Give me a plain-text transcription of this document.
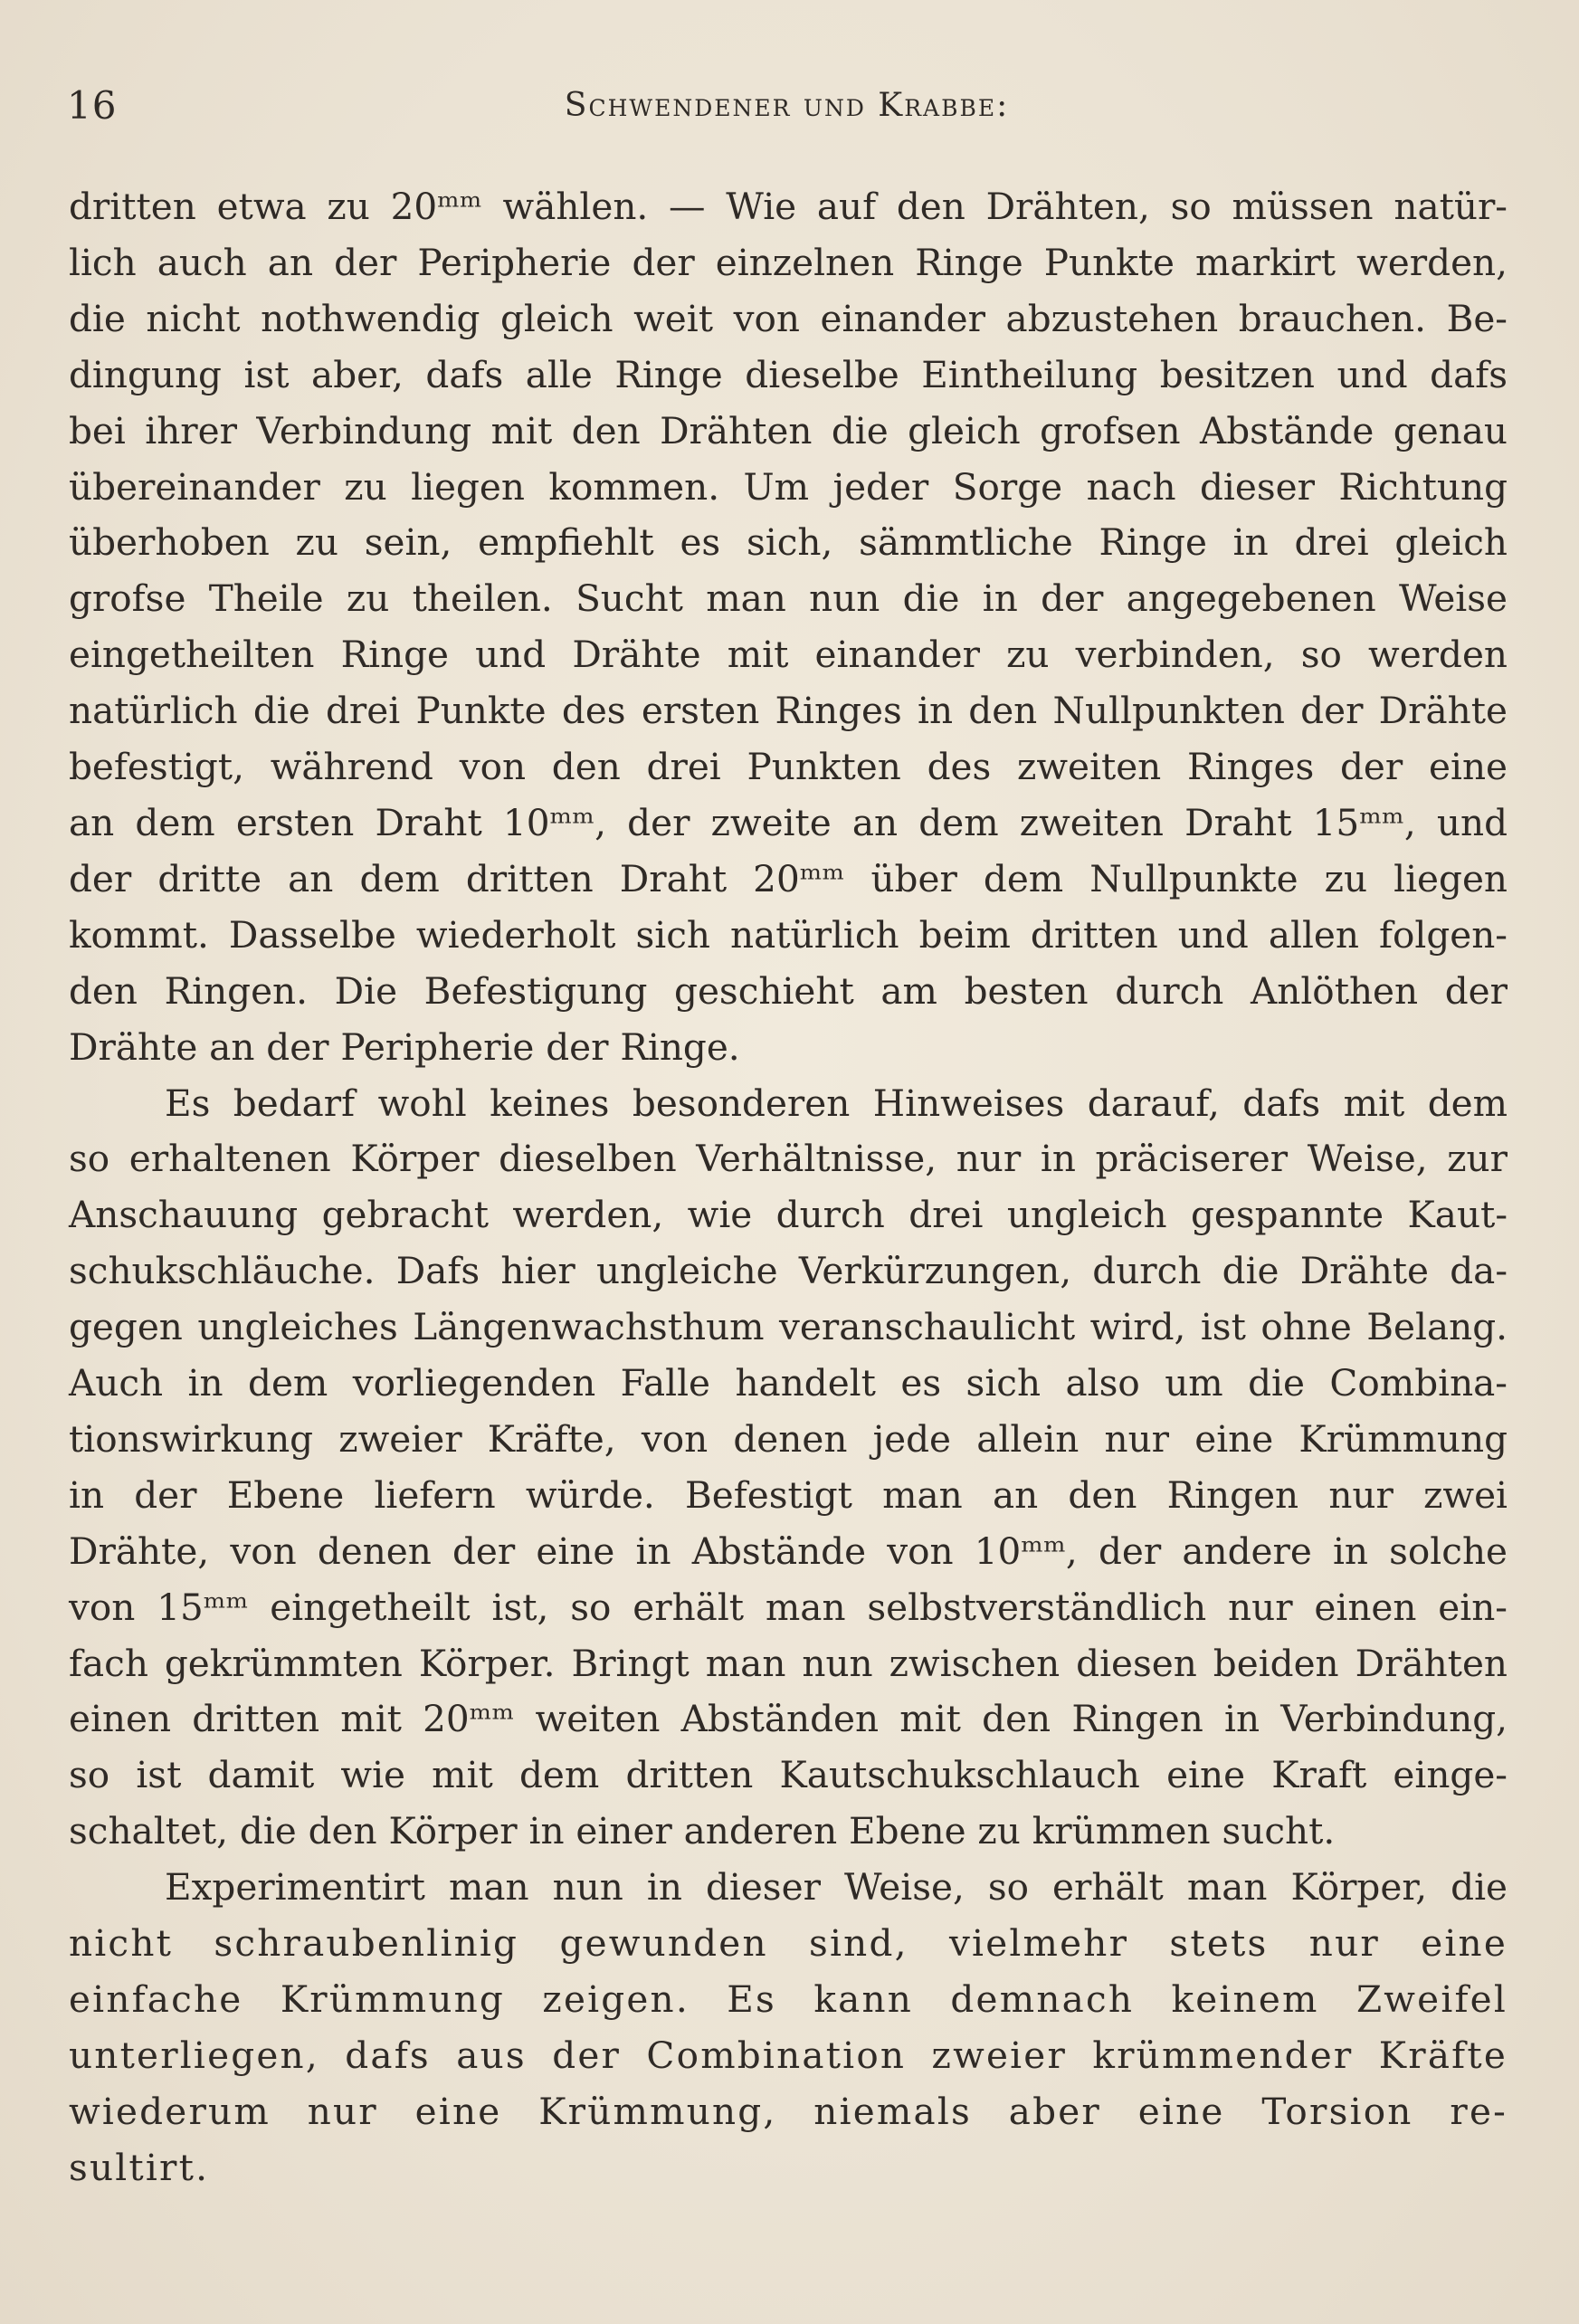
16	Schwendener und Krabbe:
dritten etwa zu 20ᵐᵐ wählen. — Wie auf den Drähten, so müssen natür-
lich auch an der Peripherie der einzelnen Ringe Punkte markirt werden,
die nicht nothwendig gleich weit von einander abzustehen brauchen. Be-
dingung ist aber, dafs alle Ringe dieselbe Eintheilung besitzen und dafs
bei ihrer Verbindung mit den Drähten die gleich grofsen Abstände genau
übereinander zu liegen kommen. Um jeder Sorge nach dieser Richtung
überhoben zu sein, empfiehlt es sich, sämmtliche Ringe in drei gleich
grofse Theile zu theilen. Sucht man nun die in der angegebenen Weise
eingetheilten Ringe und Drähte mit einander zu verbinden, so werden
natürlich die drei Punkte des ersten Ringes in den Nullpunkten der Drähte
befestigt, während von den drei Punkten des zweiten Ringes der eine
an dem ersten Draht 10ᵐᵐ, der zweite an dem zweiten Draht 15ᵐᵐ, und
der dritte an dem dritten Draht 20ᵐᵐ über dem Nullpunkte zu liegen
kommt. Dasselbe wiederholt sich natürlich beim dritten und allen folgen-
den Ringen. Die Befestigung geschieht am besten durch Anlöthen der
Drähte an der Peripherie der Ringe.
Es bedarf wohl keines besonderen Hinweises darauf, dafs mit dem
so erhaltenen Körper dieselben Verhältnisse, nur in präciserer Weise, zur
Anschauung gebracht werden, wie durch drei ungleich gespannte Kaut-
schukschläuche. Dafs hier ungleiche Verkürzungen, durch die Drähte da-
gegen ungleiches Längenwachsthum veranschaulicht wird, ist ohne Belang.
Auch in dem vorliegenden Falle handelt es sich also um die Combina-
tionswirkung zweier Kräfte, von denen jede allein nur eine Krümmung
in der Ebene liefern würde. Befestigt man an den Ringen nur zwei
Drähte, von denen der eine in Abstände von 10ᵐᵐ, der andere in solche
von 15ᵐᵐ eingetheilt ist, so erhält man selbstverständlich nur einen ein-
fach gekrümmten Körper. Bringt man nun zwischen diesen beiden Drähten
einen dritten mit 20ᵐᵐ weiten Abständen mit den Ringen in Verbindung,
so ist damit wie mit dem dritten Kautschukschlauch eine Kraft einge-
schaltet, die den Körper in einer anderen Ebene zu krümmen sucht.
Experimentirt man nun in dieser Weise, so erhält man Körper, die
nicht schraubenlinig gewunden sind, vielmehr stets nur eine
einfache Krümmung zeigen. Es kann demnach keinem Zweifel
unterliegen, dafs aus der Combination zweier krümmender Kräfte
wiederum nur eine Krümmung, niemals aber eine Torsion re-
sultirt.
